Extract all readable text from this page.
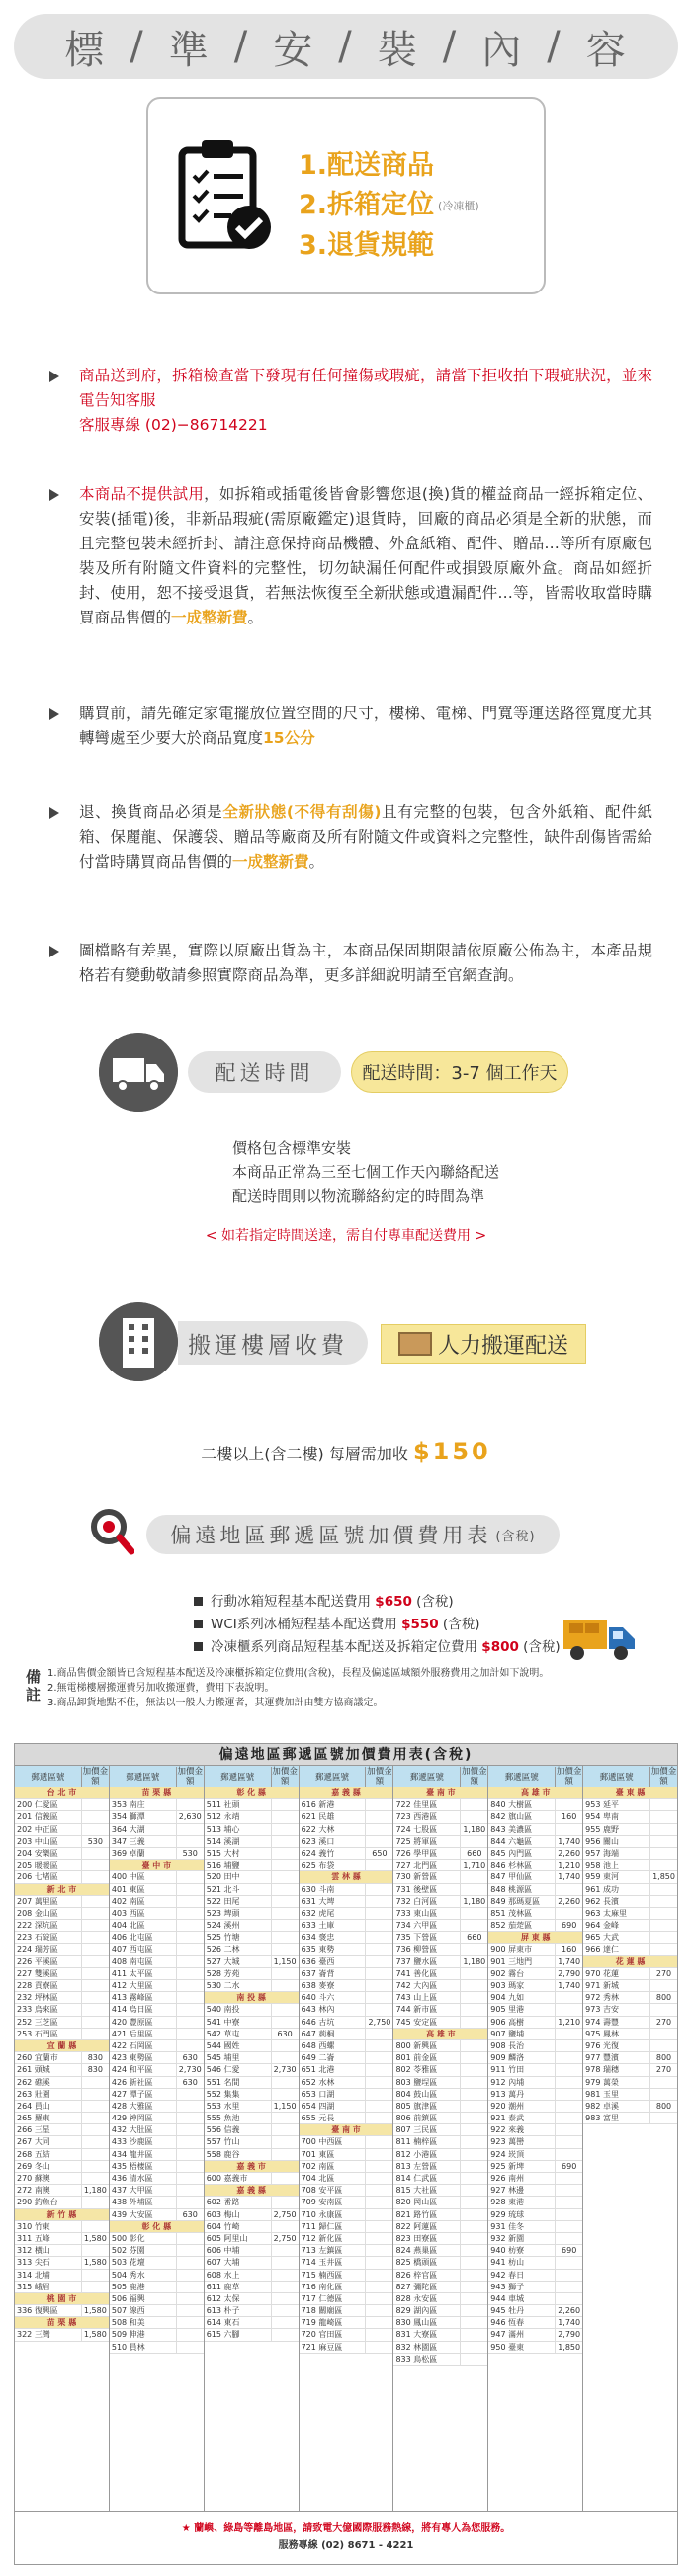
標 / 準 / 安 / 裝 / 內 / 容
1.配送商品
2.拆箱定位 (冷凍櫃)
3.退貨規範
商品送到府，拆箱檢查當下發現有任何撞傷或瑕疵，請當下拒收拍下瑕疵狀況，並來電告知客服
客服專線 (02)−86714221
本商品不提供試用，如拆箱或插電後皆會影響您退(換)貨的權益商品一經拆箱定位、安裝(插電)後，非新品瑕疵(需原廠鑑定)退貨時，回廠的商品必須是全新的狀態，而且完整包裝未經折封、請注意保持商品機體、外盒紙箱、配件、贈品…等所有原廠包裝及所有附隨文件資料的完整性，切勿缺漏任何配件或損毀原廠外盒。商品如經折封、使用，恕不接受退貨，若無法恢復至全新狀態或遺漏配件…等，皆需收取當時購買商品售價的一成整新費。
購買前，請先確定家電擺放位置空間的尺寸，樓梯、電梯、門寬等運送路徑寬度尤其轉彎處至少要大於商品寬度15公分
退、換貨商品必須是全新狀態(不得有刮傷)且有完整的包裝，包含外紙箱、配件紙箱、保麗龍、保護袋、贈品等廠商及所有附隨文件或資料之完整性，缺件刮傷皆需給付當時購買商品售價的一成整新費。
圖檔略有差異，實際以原廠出貨為主，本商品保固期限請依原廠公佈為主，本產品規格若有變動敬請參照實際商品為準，更多詳細說明請至官網查詢。
配送時間	配送時間：3-7 個工作天
價格包含標準安裝
本商品正常為三至七個工作天內聯絡配送
配送時間則以物流聯絡約定的時間為準
< 如若指定時間送達，需自付專車配送費用 >
搬運樓層收費	人力搬運配送
二樓以上(含二樓) 每層需加收 $150
偏遠地區郵遞區號加價費用表 (含稅)
行動冰箱短程基本配送費用 $650 (含稅)
WCI系列冰桶短程基本配送費用 $550 (含稅)
冷凍櫃系列商品短程基本配送及拆箱定位費用 $800 (含稅)
備註
1.商品售價金額皆已含短程基本配送及冷凍櫃拆箱定位費用(含稅)，長程及偏遠區域額外服務費用之加計如下說明。
2.無電梯樓層搬運費另加收搬運費，費用下表說明。
3.商品卸貨地點不佳，無法以一般人力搬運者，其運費加計由雙方協商議定。
偏遠地區郵遞區號加價費用表(含稅)
郵遞區號
加價金額
台 北 市
200 仁愛區
201 信義區
202 中正區
203 中山區	530
204 安樂區
205 暖暖區
206 七堵區
新 北 市
207 萬里區
208 金山區
222 深坑區
223 石碇區
224 瑞芳區
226 平溪區
227 雙溪區
228 貢寮區
232 坪林區
233 烏來區
252 三芝區
253 石門區
宜 蘭 縣
260 宜蘭市	830
261 頭城	830
262 礁溪
263 壯圍
264 員山
265 羅東
266 三星
267 大同
268 五結
269 冬山
270 蘇澳
272 南澳	1,180
290 釣魚台
新 竹 縣
310 竹東
311 五峰	1,580
312 橫山
313 尖石	1,580
314 北埔
315 峨眉
桃 園 市
336 復興區	1,580
苗 栗 縣
322 三灣	1,580
郵遞區號
加價金額
苗 栗 縣
353 南庄
354 獅潭	2,630
364 大湖
347 三義
369 卓蘭	530
臺 中 市
400 中區
401 東區
402 南區
403 西區
404 北區
406 北屯區
407 西屯區
408 南屯區
411 太平區
412 大里區
413 霧峰區
414 烏日區
420 豐原區
421 后里區
422 石岡區
423 東勢區	630
424 和平區	2,730
426 新社區	630
427 潭子區
428 大雅區
429 神岡區
432 大肚區
433 沙鹿區
434 龍井區
435 梧棲區
436 清水區
437 大甲區
438 外埔區
439 大安區	630
彰 化 縣
500 彰化
502 芬園
503 花壇
504 秀水
505 鹿港
506 福興
507 線西
508 和美
509 伸港
510 員林
郵遞區號
加價金額
彰 化 縣
511 社頭
512 永靖
513 埔心
514 溪湖
515 大村
516 埔鹽
520 田中
521 北斗
522 田尾
523 埤頭
524 溪州
525 竹塘
526 二林
527 大城	1,150
528 芳苑
530 二水
南 投 縣
540 南投
541 中寮
542 草屯	630
544 國姓
545 埔里
546 仁愛	2,730
551 名間
552 集集
553 水里	1,150
555 魚池
556 信義
557 竹山
558 鹿谷
嘉 義 市
600 嘉義市
嘉 義 縣
602 番路
603 梅山	2,750
604 竹崎
605 阿里山	2,750
606 中埔
607 大埔
608 水上
611 鹿草
612 太保
613 朴子
614 東石
615 六腳
郵遞區號
加價金額
嘉 義 縣
616 新港
621 民雄
622 大林
623 溪口
624 義竹	650
625 布袋
雲 林 縣
630 斗南
631 大埤
632 虎尾
633 土庫
634 褒忠
635 東勢
636 臺西
637 崙背
638 麥寮
640 斗六
643 林內
646 古坑	2,750
647 莿桐
648 西螺
649 二崙
651 北港
652 水林
653 口湖
654 四湖
655 元長
臺 南 市
700 中西區
701 東區
702 南區
704 北區
708 安平區
709 安南區
710 永康區
711 歸仁區
712 新化區
713 左鎮區
714 玉井區
715 楠西區
716 南化區
717 仁德區
718 關廟區
719 龍崎區
720 官田區
721 麻豆區
郵遞區號
加價金額
臺 南 市
722 佳里區
723 西港區
724 七股區	1,180
725 將軍區
726 學甲區	660
727 北門區	1,710
730 新營區
731 後壁區
732 白河區	1,180
733 東山區
734 六甲區
735 下營區	660
736 柳營區
737 鹽水區	1,180
741 善化區
742 大內區
743 山上區
744 新市區
745 安定區
高 雄 市
800 新興區
801 前金區
802 苓雅區
803 鹽埕區
804 鼓山區
805 旗津區
806 前鎮區
807 三民區
811 楠梓區
812 小港區
813 左營區
814 仁武區
815 大社區
820 岡山區
821 路竹區
822 阿蓮區
823 田寮區
824 燕巢區
825 橋頭區
826 梓官區
827 彌陀區
828 永安區
829 湖內區
830 鳳山區
831 大寮區
832 林園區
833 鳥松區
郵遞區號
加價金額
高 雄 市
840 大樹區
842 旗山區	160
843 美濃區
844 六龜區	1,740
845 內門區	2,260
846 杉林區	1,210
847 甲仙區	1,740
848 桃源區
849 那瑪夏區	2,260
851 茂林區
852 茄萣區	690
屏 東 縣
900 屏東市	160
901 三地門	1,740
902 霧台	2,790
903 瑪家	1,740
904 九如
905 里港
906 高樹	1,210
907 鹽埔
908 長治
909 麟洛
911 竹田
912 內埔
913 萬丹
920 潮州
921 泰武
922 來義
923 萬巒
924 崁頂
925 新埤	690
926 南州
927 林邊
928 東港
929 琉球
931 佳冬
932 新園
940 枋寮	690
941 枋山
942 春日
943 獅子
944 車城
945 牡丹	2,260
946 恆春	1,740
947 滿州	2,790
950 臺東	1,850
郵遞區號
加價金額
臺 東 縣
953 延平
954 卑南
955 鹿野
956 關山
957 海端
958 池上
959 東河	1,850
961 成功
962 長濱
963 太麻里
964 金峰
965 大武
966 達仁
花 蓮 縣
970 花蓮	270
971 新城
972 秀林	800
973 吉安
974 壽豐	270
975 鳳林
976 光復
977 豐濱	800
978 瑞穗	270
979 萬榮
981 玉里
982 卓溪	800
983 富里
★ 蘭嶼、綠島等離島地區，請致電大億國際服務熱線，將有專人為您服務。
服務專線 (02) 8671 - 4221
